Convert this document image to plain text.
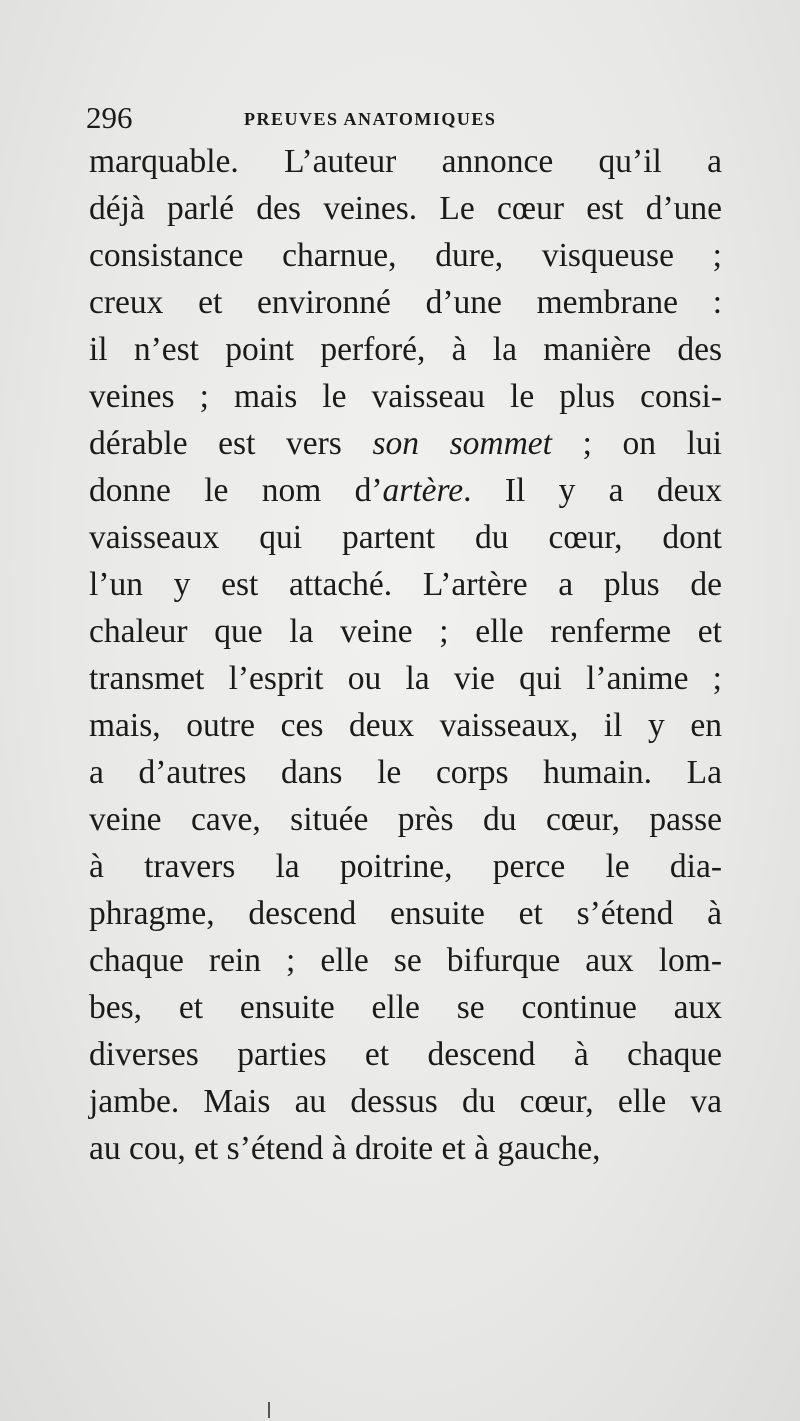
296	PREUVES ANATOMIQUES
marquable. L’auteur annonce qu’il a
déjà parlé des veines. Le cœur est d’une
consistance charnue, dure, visqueuse ;
creux et environné d’une membrane :
il n’est point perforé, à la manière des
veines ; mais le vaisseau le plus consi-
dérable est vers son sommet ; on lui
donne le nom d’artère. Il y a deux
vaisseaux qui partent du cœur, dont
l’un y est attaché. L’artère a plus de
chaleur que la veine ; elle renferme et
transmet l’esprit ou la vie qui l’anime ;
mais, outre ces deux vaisseaux, il y en
a d’autres dans le corps humain. La
veine cave, située près du cœur, passe
à travers la poitrine, perce le dia-
phragme, descend ensuite et s’étend à
chaque rein ; elle se bifurque aux lom-
bes, et ensuite elle se continue aux
diverses parties et descend à chaque
jambe. Mais au dessus du cœur, elle va
au cou, et s’étend à droite et à gauche,
